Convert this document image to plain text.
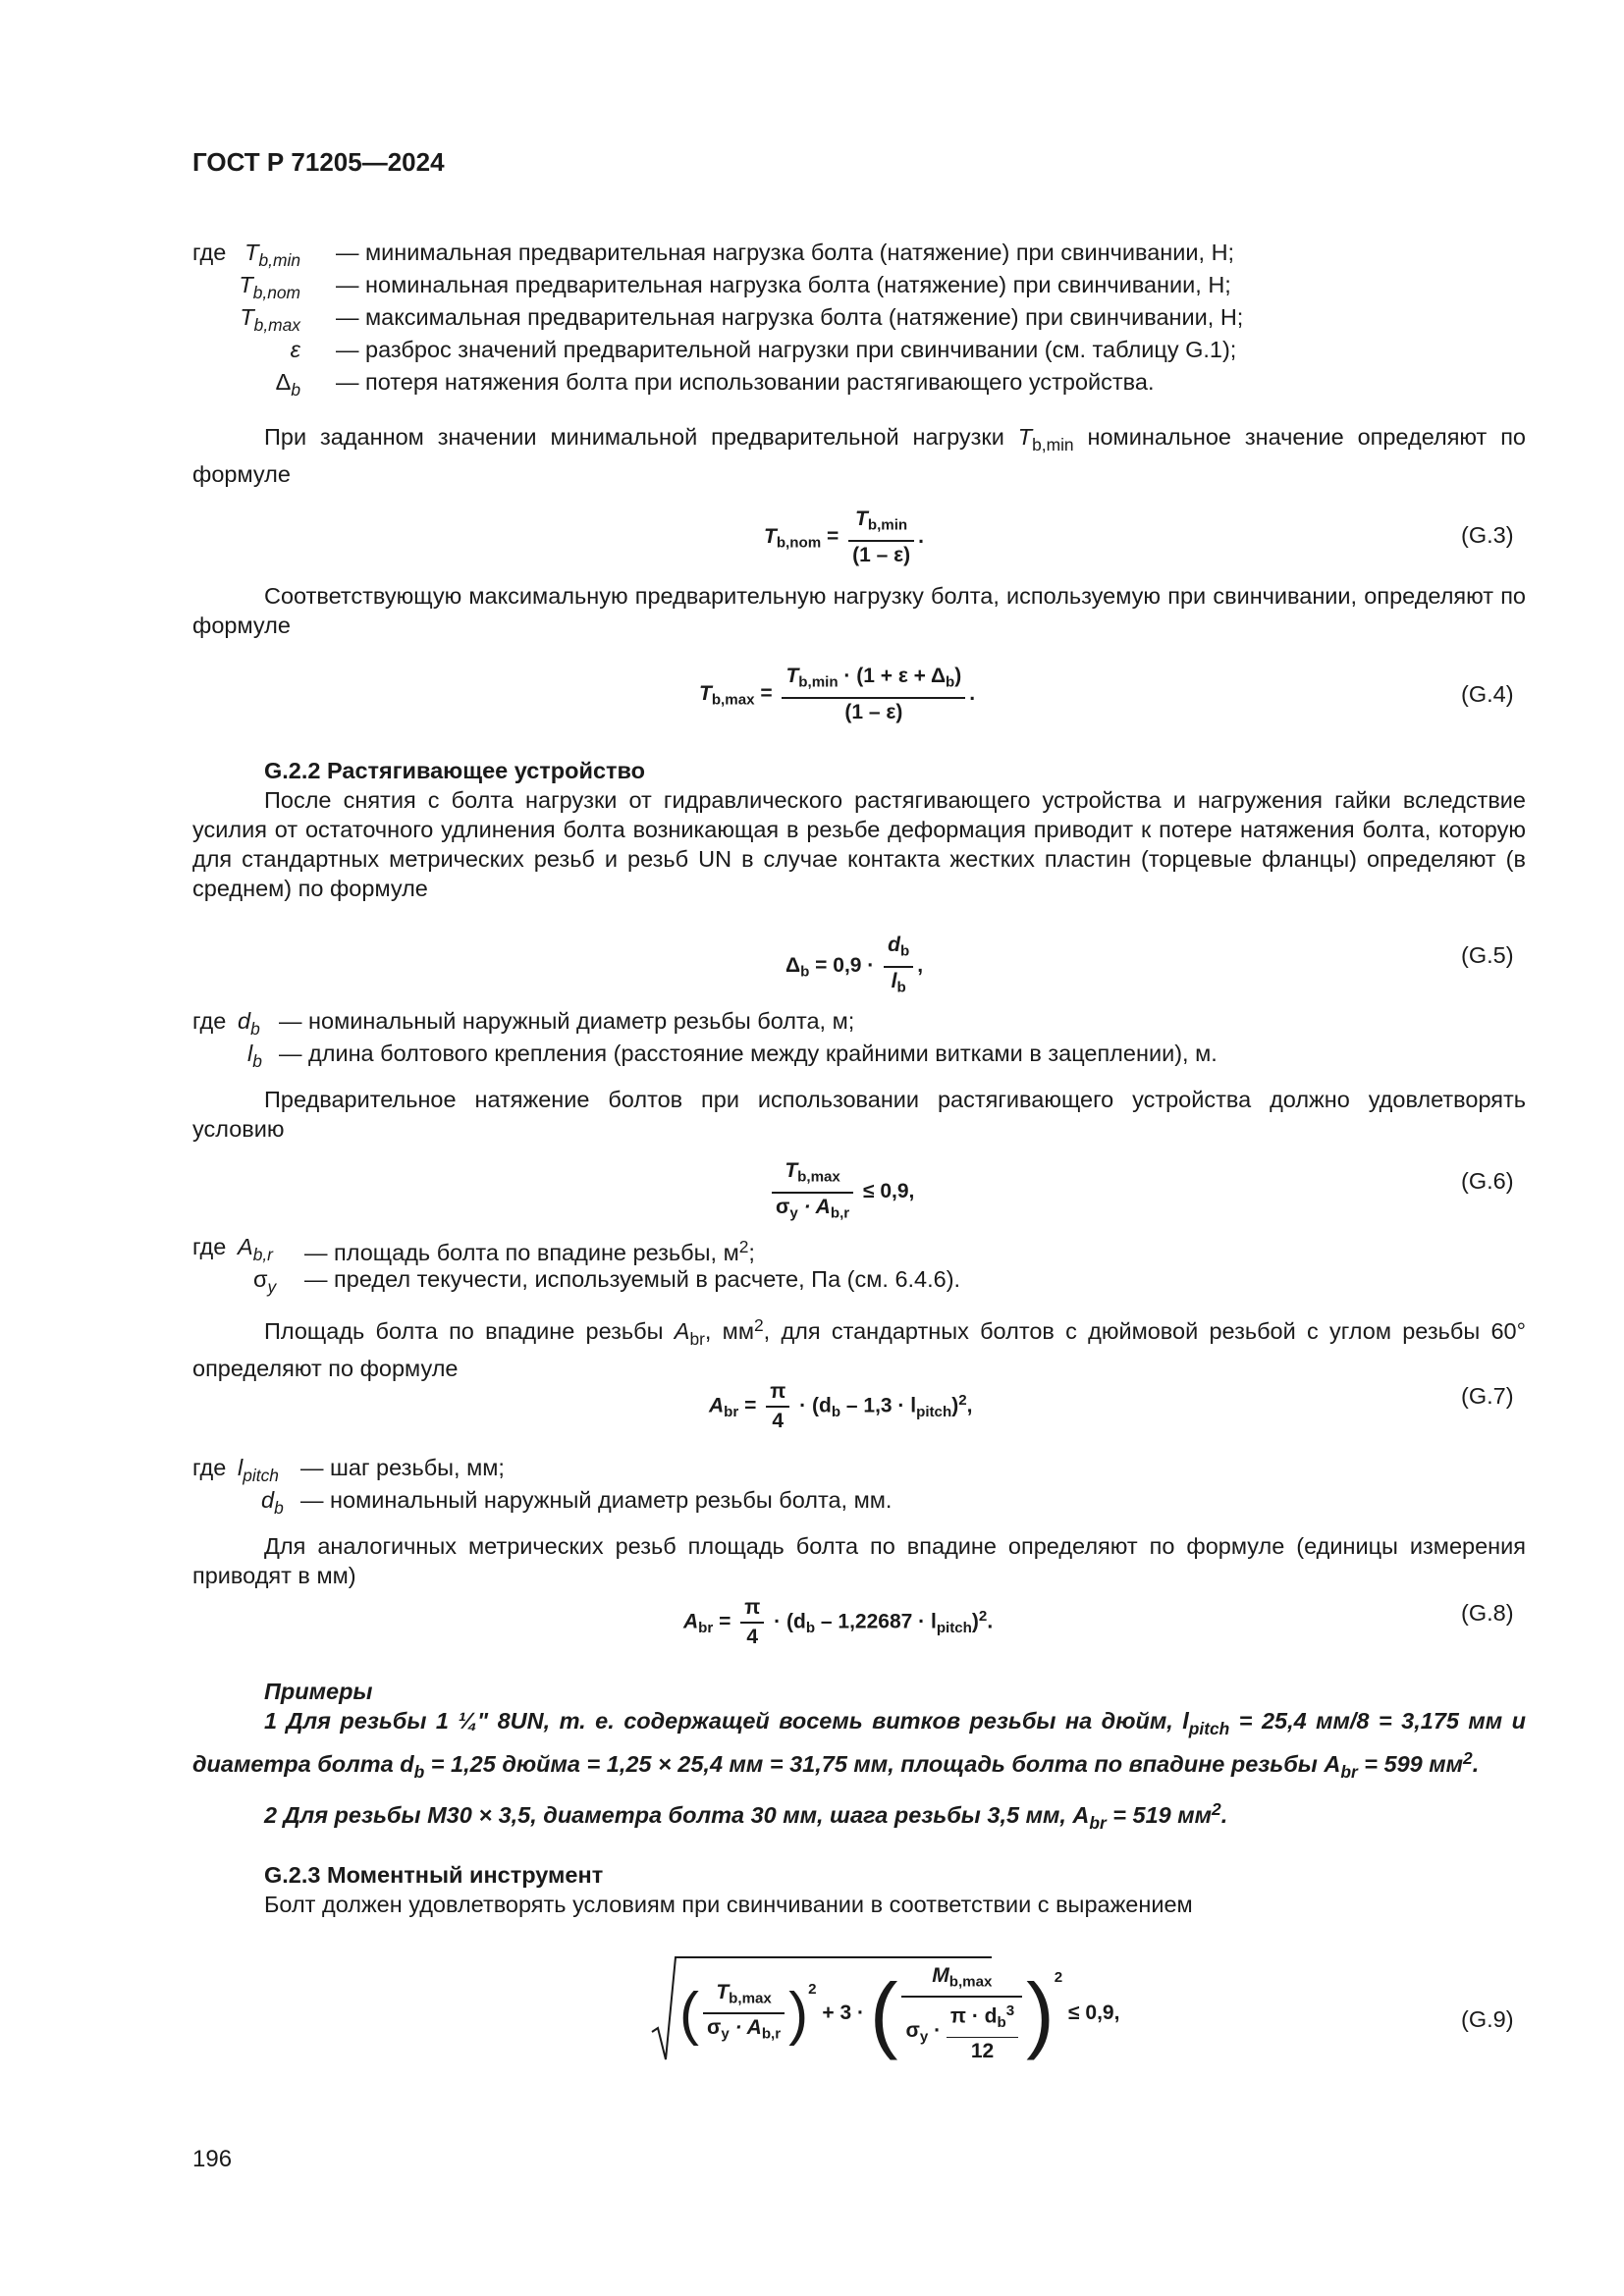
ГОСТ Р 71205—2024
где $T_{b,min}$ — минимальная предварительная нагрузка болта (натяжение) при свинчивании, Н;
$T_{b,nom}$ — номинальная предварительная нагрузка болта (натяжение) при свинчивании, Н;
$T_{b,max}$ — максимальная предварительная нагрузка болта (натяжение) при свинчивании, Н;
ε — разброс значений предварительной нагрузки при свинчивании (см. таблицу G.1);
$\Delta_b$ — потеря натяжения болта при использовании растягивающего устройства.
При заданном значении минимальной предварительной нагрузки $T_{b,min}$ номинальное значение определяют по формуле
$T_{b,nom}$ =
$T_{b,min}$
(1 – ε)
.	(G.3)
Соответствующую максимальную предварительную нагрузку болта, используемую при свинчивании, определяют по формуле
$T_{b,max}$ =
$T_{b,min} \cdot (1 + \varepsilon + \Delta_b)$
(1 – ε)
.	(G.4)
G.2.2 Растягивающее устройство
После снятия с болта нагрузки от гидравлического растягивающего устройства и нагружения гайки вследствие усилия от остаточного удлинения болта возникающая в резьбе деформация приводит к потере натяжения болта, которую для стандартных метрических резьб и резьб UN в случае контакта жестких пластин (торцевые фланцы) определяют (в среднем) по формуле
$\Delta_b = 0,9 \cdot \frac{d_b}{l_b}$ ,	(G.5)
где $d_b$ — номинальный наружный диаметр резьбы болта, м;
$l_b$ — длина болтового крепления (расстояние между крайними витками в зацеплении), м.
Предварительное натяжение болтов при использовании растягивающего устройства должно удовлетворять условию
$T_{b,max}$
$\sigma_y \cdot A_{b,r}$
≤ 0,9,	(G.6)
где $A_{b,r}$ — площадь болта по впадине резьбы, $м^2$;
$\sigma_y$ — предел текучести, используемый в расчете, Па (см. 6.4.6).
Площадь болта по впадине резьбы $A_{br}$, $мм^2$, для стандартных болтов с дюймовой резьбой с углом резьбы 60° определяют по формуле
$A_{br} = \frac{\pi}{4} \cdot (d_b - 1,3 \cdot l_{pitch})^2$,	(G.7)
где $l_{pitch}$ — шаг резьбы, мм;
$d_b$ — номинальный наружный диаметр резьбы болта, мм.
Для аналогичных метрических резьб площадь болта по впадине определяют по формуле (единицы измерения приводят в мм)
$A_{br} = \frac{\pi}{4} \cdot (d_b - 1,22687 \cdot l_{pitch})^2$.	(G.8)
Примеры
1 Для резьбы 1 ¼" 8UN, т. е. содержащей восемь витков резьбы на дюйм, $l_{pitch} = 25,4$ мм/8 = 3,175 мм и диаметра болта $d_b = 1,25$ дюйма = 1,25 × 25,4 мм = 31,75 мм, площадь болта по впадине резьбы $A_{br} = 599$ $мм^2$.
2 Для резьбы М30 × 3,5, диаметра болта 30 мм, шага резьбы 3,5 мм, $A_{br} = 519$ $мм^2$.
G.2.3 Моментный инструмент
Болт должен удовлетворять условиям при свинчивании в соответствии с выражением
( $T_{b,max}$
$\sigma_y \cdot A_{b,r}$ )$^2$ + 3 · (	$M_{b,max}$
$\sigma_y \cdot \frac{\pi \cdot d_b^3}{12} )^2 \le 0,9$,	(G.9)
196
